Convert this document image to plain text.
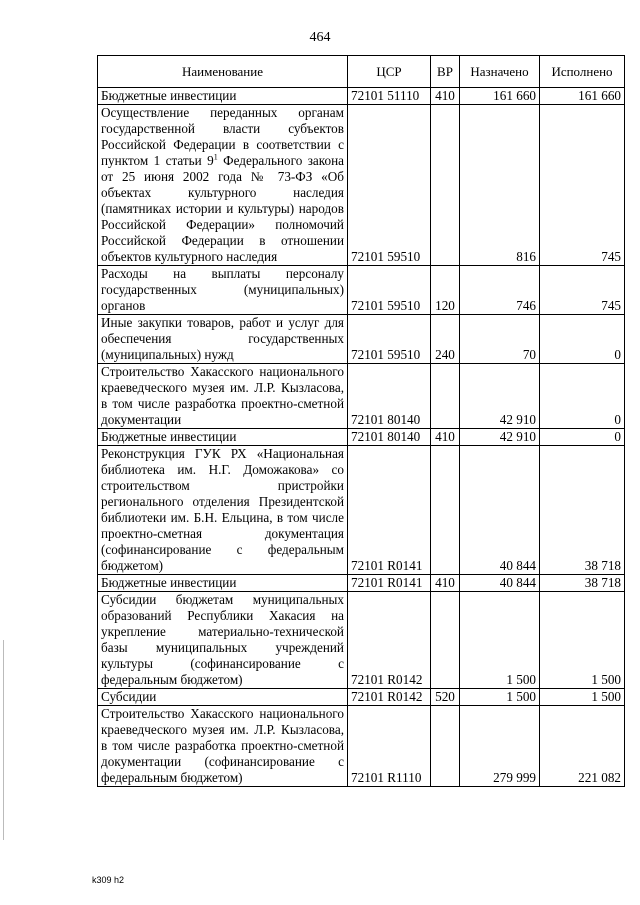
464
Наименование	ЦСР	ВР	Назначено	Исполнено
Бюджетные инвестиции	72101 51110	410	161 660	161 660
Осуществление переданных органам государственной власти субъектов Российской Федерации в соответствии с пунктом 1 статьи $9^1$ Федерального закона от 25 июня 2002 года № 73-ФЗ «Об объектах культурного наследия (памятниках истории и культуры) народов Российской Федерации» полномочий Российской Федерации в отношении объектов культурного наследия	72101 59510		816	745
Расходы на выплаты персоналу государственных (муниципальных) органов	72101 59510	120	746	745
Иные закупки товаров, работ и услуг для обеспечения государственных (муниципальных) нужд	72101 59510	240	70	0
Строительство Хакасского национального краеведческого музея им. Л.Р. Кызласова, в том числе разработка проектно-сметной документации	72101 80140		42 910	0
Бюджетные инвестиции	72101 80140	410	42 910	0
Реконструкция ГУК РХ «Национальная библиотека им. Н.Г. Доможакова» со строительством пристройки регионального отделения Президентской библиотеки им. Б.Н. Ельцина, в том числе проектно-сметная документация (софинансирование с федеральным бюджетом)	72101 R0141		40 844	38 718
Бюджетные инвестиции	72101 R0141	410	40 844	38 718
Субсидии бюджетам муниципальных образований Республики Хакасия на укрепление материально-технической базы муниципальных учреждений культуры (софинансирование с федеральным бюджетом)	72101 R0142		1 500	1 500
Субсидии	72101 R0142	520	1 500	1 500
Строительство Хакасского национального краеведческого музея им. Л.Р. Кызласова, в том числе разработка проектно-сметной документации (софинансирование с федеральным бюджетом)	72101 R1110		279 999	221 082
k309 h2
